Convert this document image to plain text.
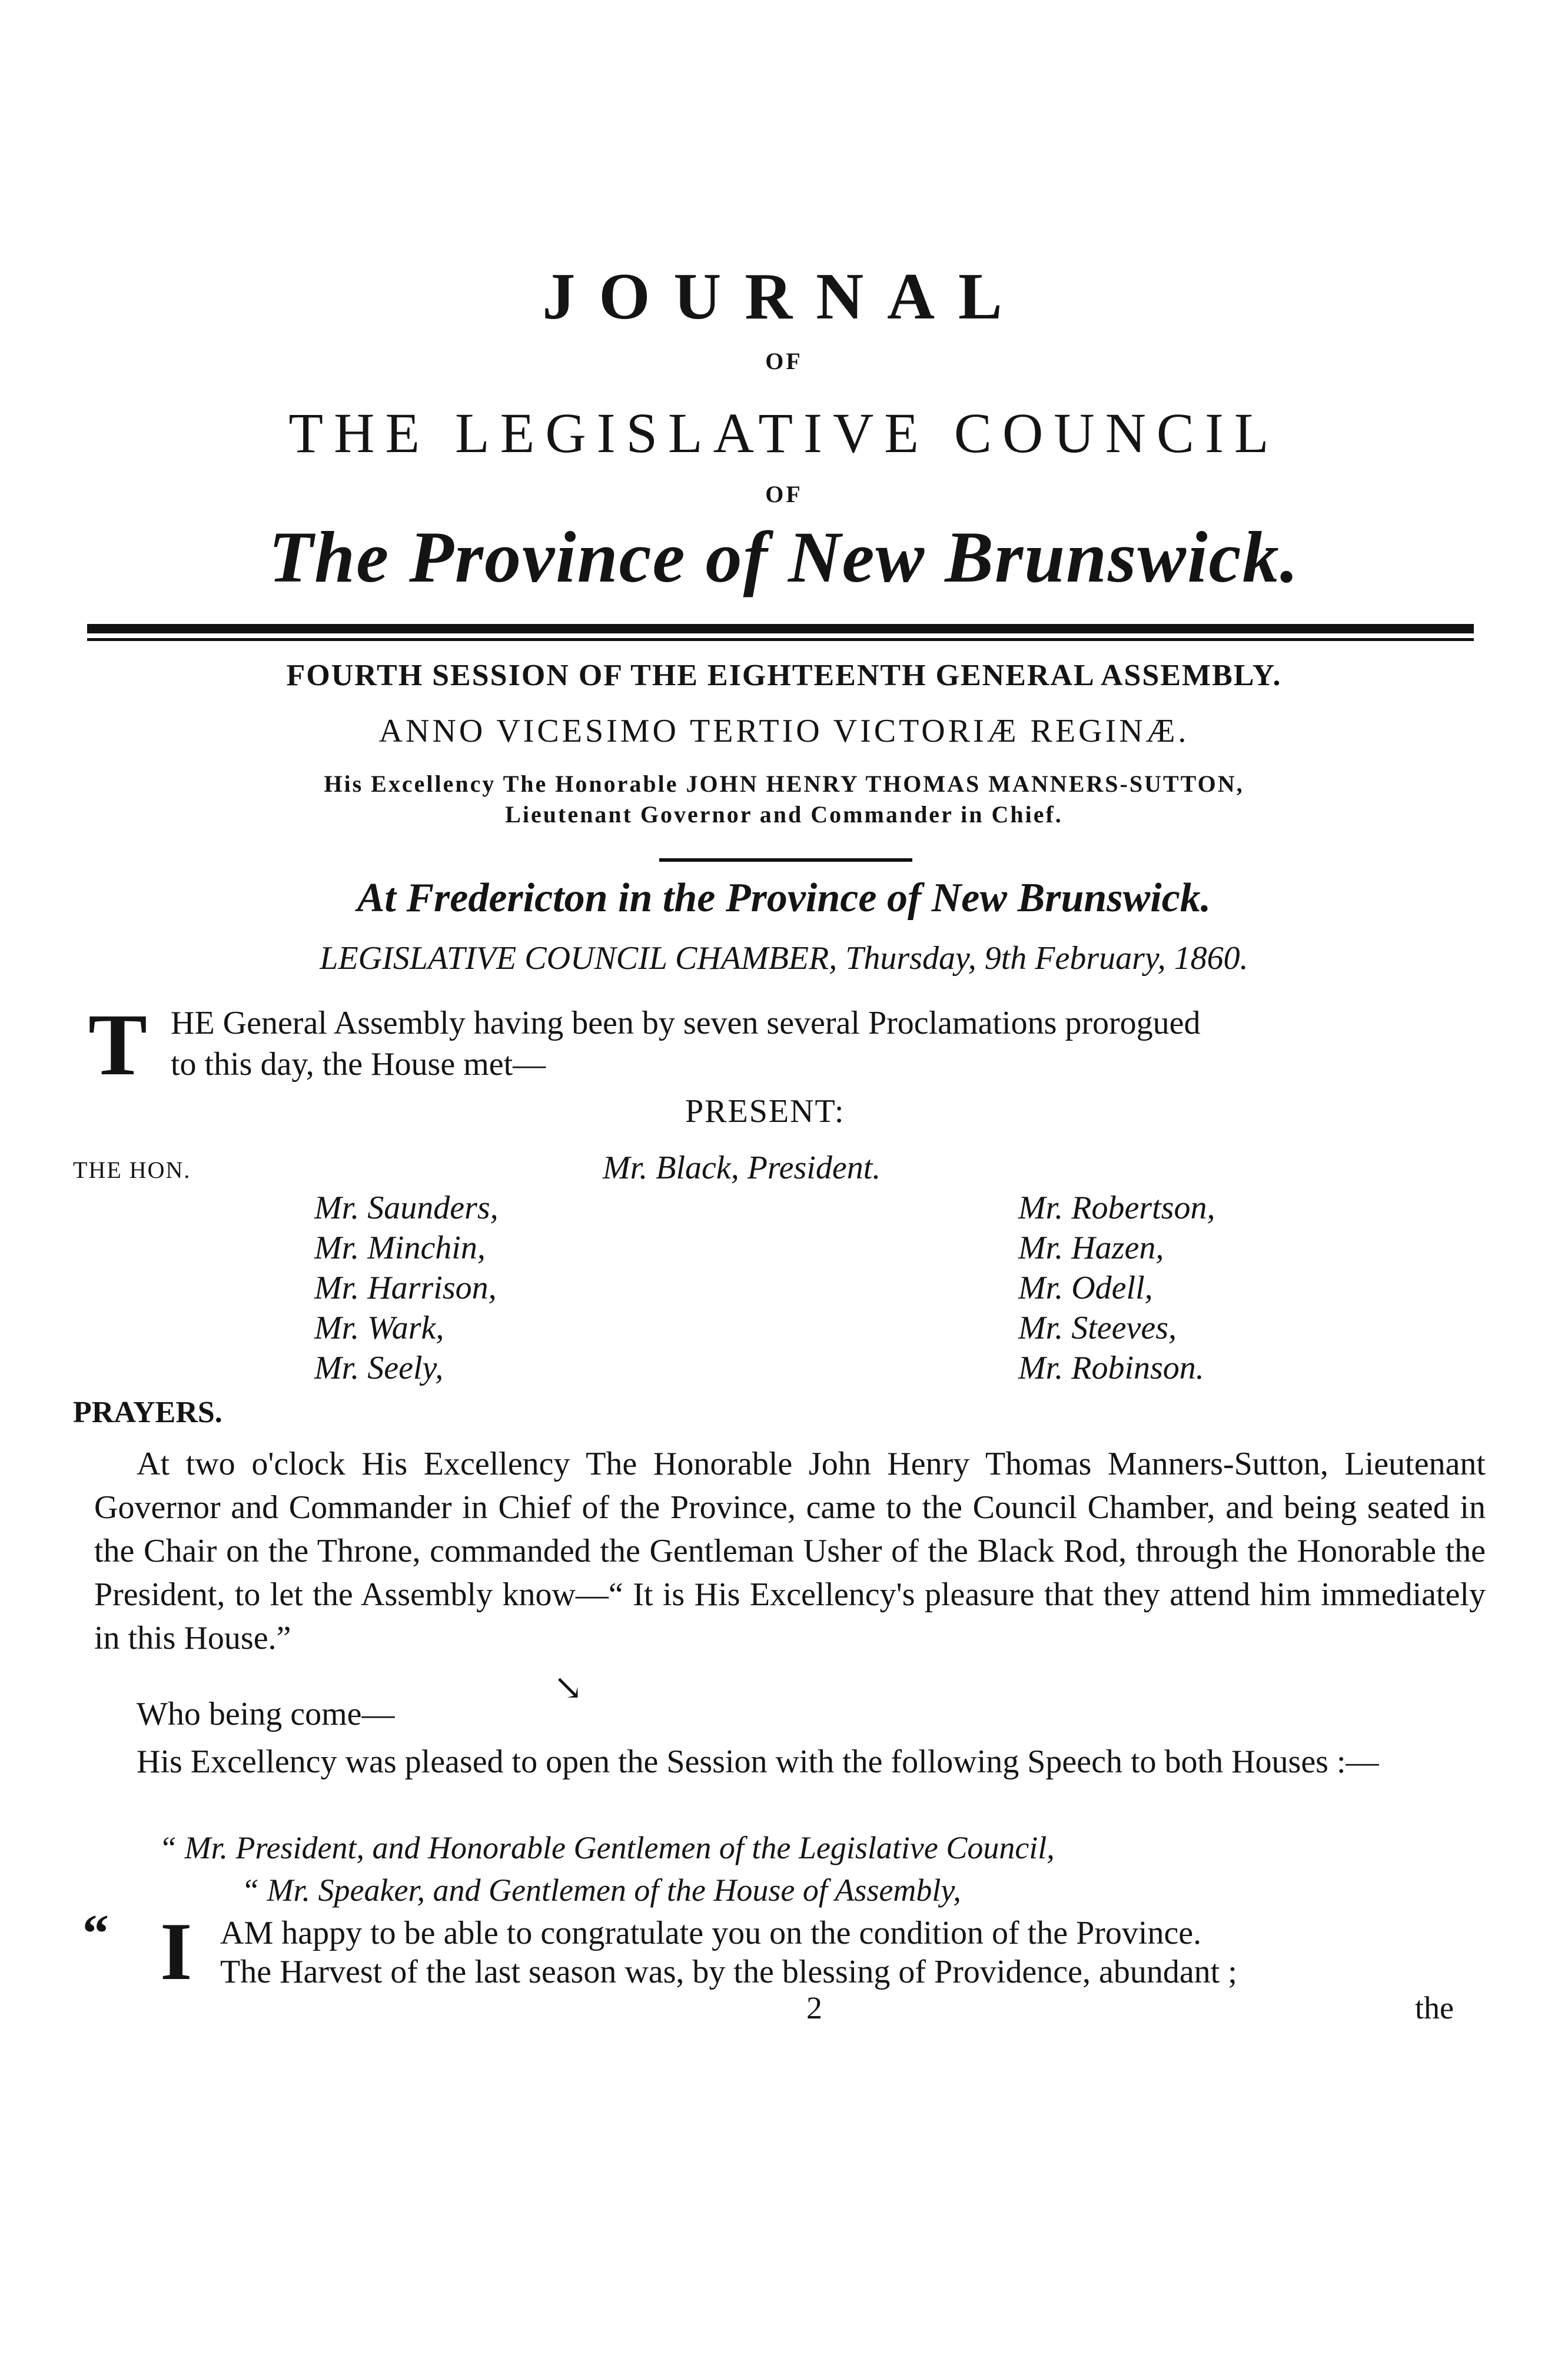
JOURNAL
OF
THE LEGISLATIVE COUNCIL
OF
The Province of New Brunswick.
FOURTH SESSION OF THE EIGHTEENTH GENERAL ASSEMBLY.
ANNO VICESIMO TERTIO VICTORIÆ REGINÆ.
His Excellency The Honorable JOHN HENRY THOMAS MANNERS-SUTTON,
Lieutenant Governor and Commander in Chief.
At Fredericton in the Province of New Brunswick.
LEGISLATIVE COUNCIL CHAMBER, Thursday, 9th February, 1860.
T HE General Assembly having been by seven several Proclamations prorogued
to this day, the House met—
PRESENT:
THE HON.	Mr. Black, President.
Mr. Saunders,
Mr. Minchin,
Mr. Harrison,
Mr. Wark,
Mr. Seely,
Mr. Robertson,
Mr. Hazen,
Mr. Odell,
Mr. Steeves,
Mr. Robinson.
PRAYERS.
At two o'clock His Excellency The Honorable John Henry Thomas Manners-Sutton, Lieutenant Governor and Commander in Chief of the Province, came to the Council Chamber, and being seated in the Chair on the Throne, commanded the Gentleman Usher of the Black Rod, through the Honorable the President, to let the Assembly know—“ It is His Excellency's pleasure that they attend him immediately in this House.”
↘
Who being come—
His Excellency was pleased to open the Session with the following Speech to both Houses :—
“ Mr. President, and Honorable Gentlemen of the Legislative Council,
“ Mr. Speaker, and Gentlemen of the House of Assembly,
“ I AM happy to be able to congratulate you on the condition of the Province.
The Harvest of the last season was, by the blessing of Providence, abundant ;
2	the
